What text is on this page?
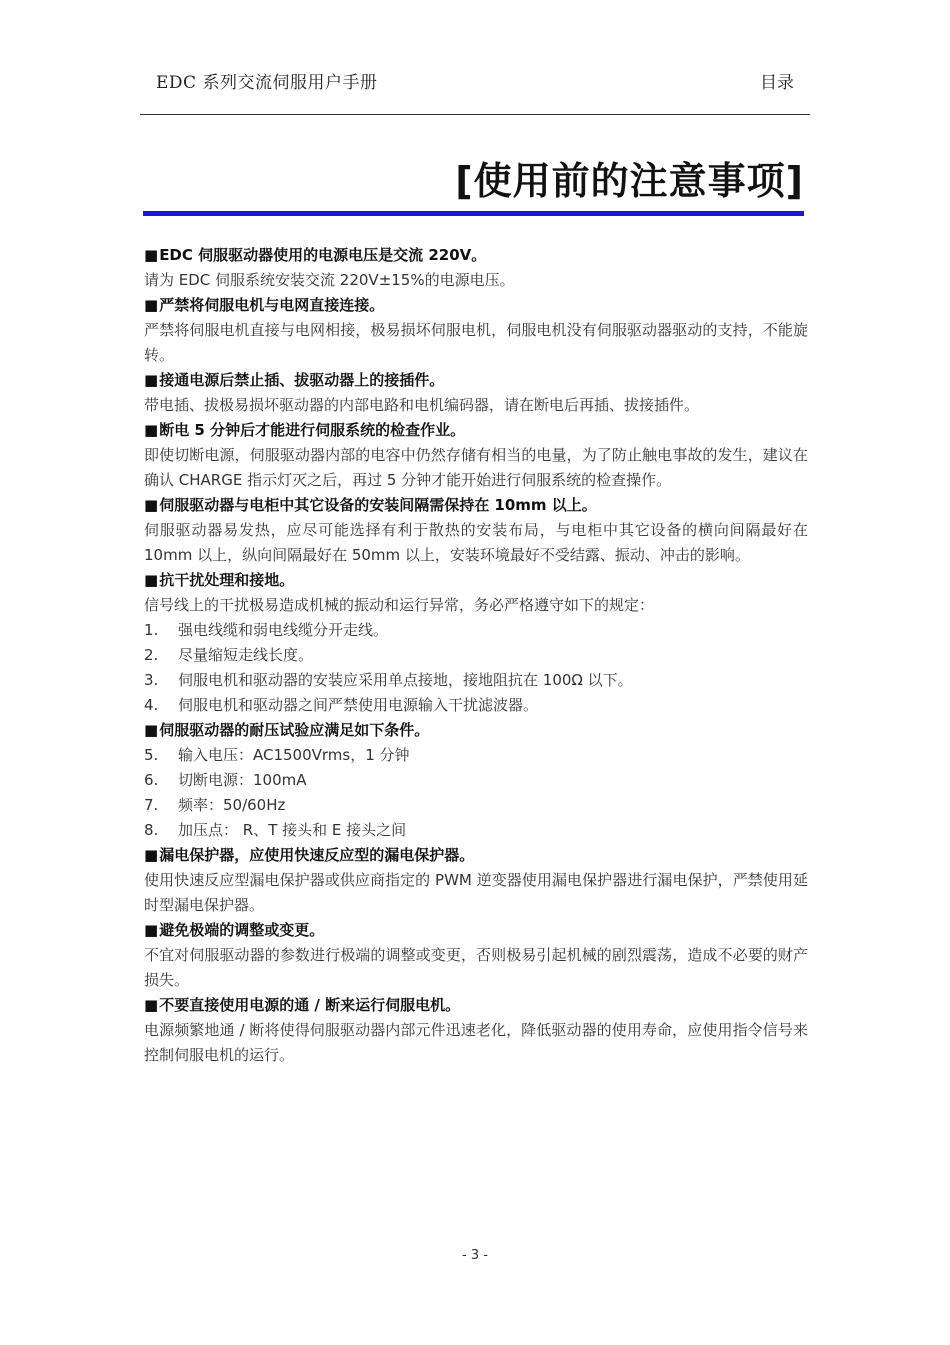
EDC 系列交流伺服用户手册	目录
[使用前的注意事项]
■EDC 伺服驱动器使用的电源电压是交流 220V。
请为 EDC 伺服系统安装交流 220V±15%的电源电压。
■严禁将伺服电机与电网直接连接。
严禁将伺服电机直接与电网相接，极易损坏伺服电机，伺服电机没有伺服驱动器驱动的支持，不能旋转。
■接通电源后禁止插、拔驱动器上的接插件。
带电插、拔极易损坏驱动器的内部电路和电机编码器，请在断电后再插、拔接插件。
■断电 5 分钟后才能进行伺服系统的检查作业。
即使切断电源，伺服驱动器内部的电容中仍然存储有相当的电量，为了防止触电事故的发生，建议在确认 CHARGE 指示灯灭之后，再过 5 分钟才能开始进行伺服系统的检查操作。
■伺服驱动器与电柜中其它设备的安装间隔需保持在 10mm 以上。
伺服驱动器易发热，应尽可能选择有利于散热的安装布局，与电柜中其它设备的横向间隔最好在 10mm 以上，纵向间隔最好在 50mm 以上，安装环境最好不受结露、振动、冲击的影响。
■抗干扰处理和接地。
信号线上的干扰极易造成机械的振动和运行异常，务必严格遵守如下的规定：
1.	强电线缆和弱电线缆分开走线。
2.	尽量缩短走线长度。
3.	伺服电机和驱动器的安装应采用单点接地，接地阻抗在 100Ω 以下。
4.	伺服电机和驱动器之间严禁使用电源输入干扰滤波器。
■伺服驱动器的耐压试验应满足如下条件。
5.	输入电压：AC1500Vrms，1 分钟
6.	切断电源：100mA
7.	频率：50/60Hz
8.	加压点： R、T 接头和 E 接头之间
■漏电保护器，应使用快速反应型的漏电保护器。
使用快速反应型漏电保护器或供应商指定的 PWM 逆变器使用漏电保护器进行漏电保护，严禁使用延时型漏电保护器。
■避免极端的调整或变更。
不宜对伺服驱动器的参数进行极端的调整或变更，否则极易引起机械的剧烈震荡，造成不必要的财产损失。
■不要直接使用电源的通 / 断来运行伺服电机。
电源频繁地通 / 断将使得伺服驱动器内部元件迅速老化，降低驱动器的使用寿命，应使用指令信号来控制伺服电机的运行。
- 3 -
